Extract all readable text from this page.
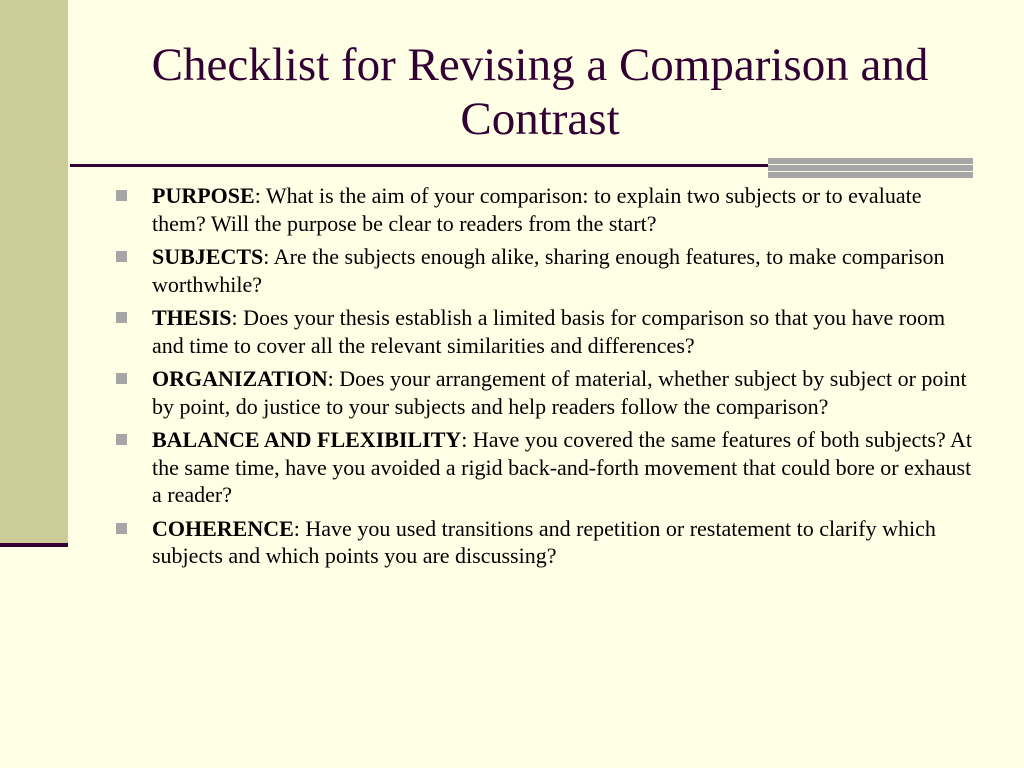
Checklist for Revising a Comparison and Contrast
PURPOSE: What is the aim of your comparison: to explain two subjects or to evaluate them? Will the purpose be clear to readers from the start?
SUBJECTS: Are the subjects enough alike, sharing enough features, to make comparison worthwhile?
THESIS: Does your thesis establish a limited basis for comparison so that you have room and time to cover all the relevant similarities and differences?
ORGANIZATION: Does your arrangement of material, whether subject by subject or point by point, do justice to your subjects and help readers follow the comparison?
BALANCE AND FLEXIBILITY: Have you covered the same features of both subjects? At the same time, have you avoided a rigid back-and-forth movement that could bore or exhaust a reader?
COHERENCE: Have you used transitions and repetition or restatement to clarify which subjects and which points you are discussing?
